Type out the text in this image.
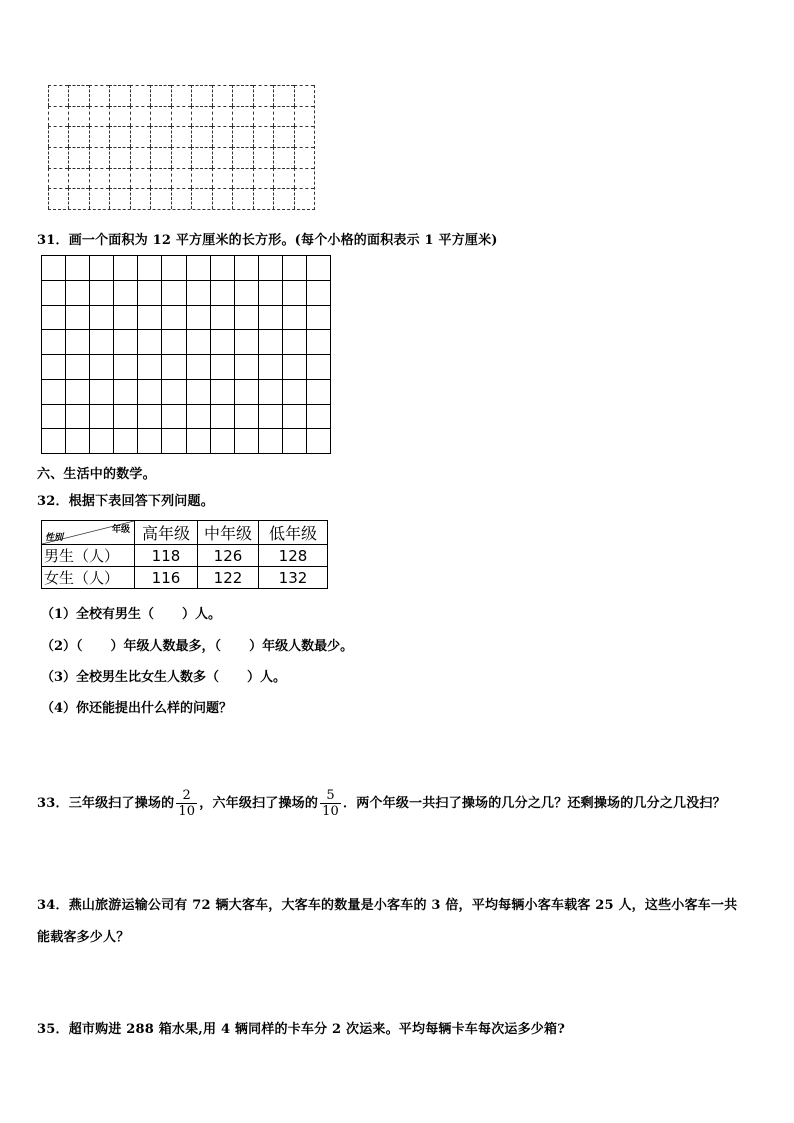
31．画一个面积为 12 平方厘米的长方形。(每个小格的面积表示 1 平方厘米)
六、生活中的数学。
32．根据下表回答下列问题。
年级
性别	高年级	中年级	低年级
男生（人）	118	126	128
女生（人）	116	122	132
（1）全校有男生（ ）人。
（2）（ ）年级人数最多，（ ）年级人数最少。
（3）全校男生比女生人数多（ ）人。
（4）你还能提出什么样的问题？
33．三年级扫了操场的 $\frac{2}{10}$ ，六年级扫了操场的 $\frac{5}{10}$ ．两个年级一共扫了操场的几分之几？还剩操场的几分之几没扫？
34．燕山旅游运输公司有 72 辆大客车，大客车的数量是小客车的 3 倍，平均每辆小客车载客 25 人，这些小客车一共
能载客多少人？
35．超市购进 288 箱水果,用 4 辆同样的卡车分 2 次运来。平均每辆卡车每次运多少箱?
